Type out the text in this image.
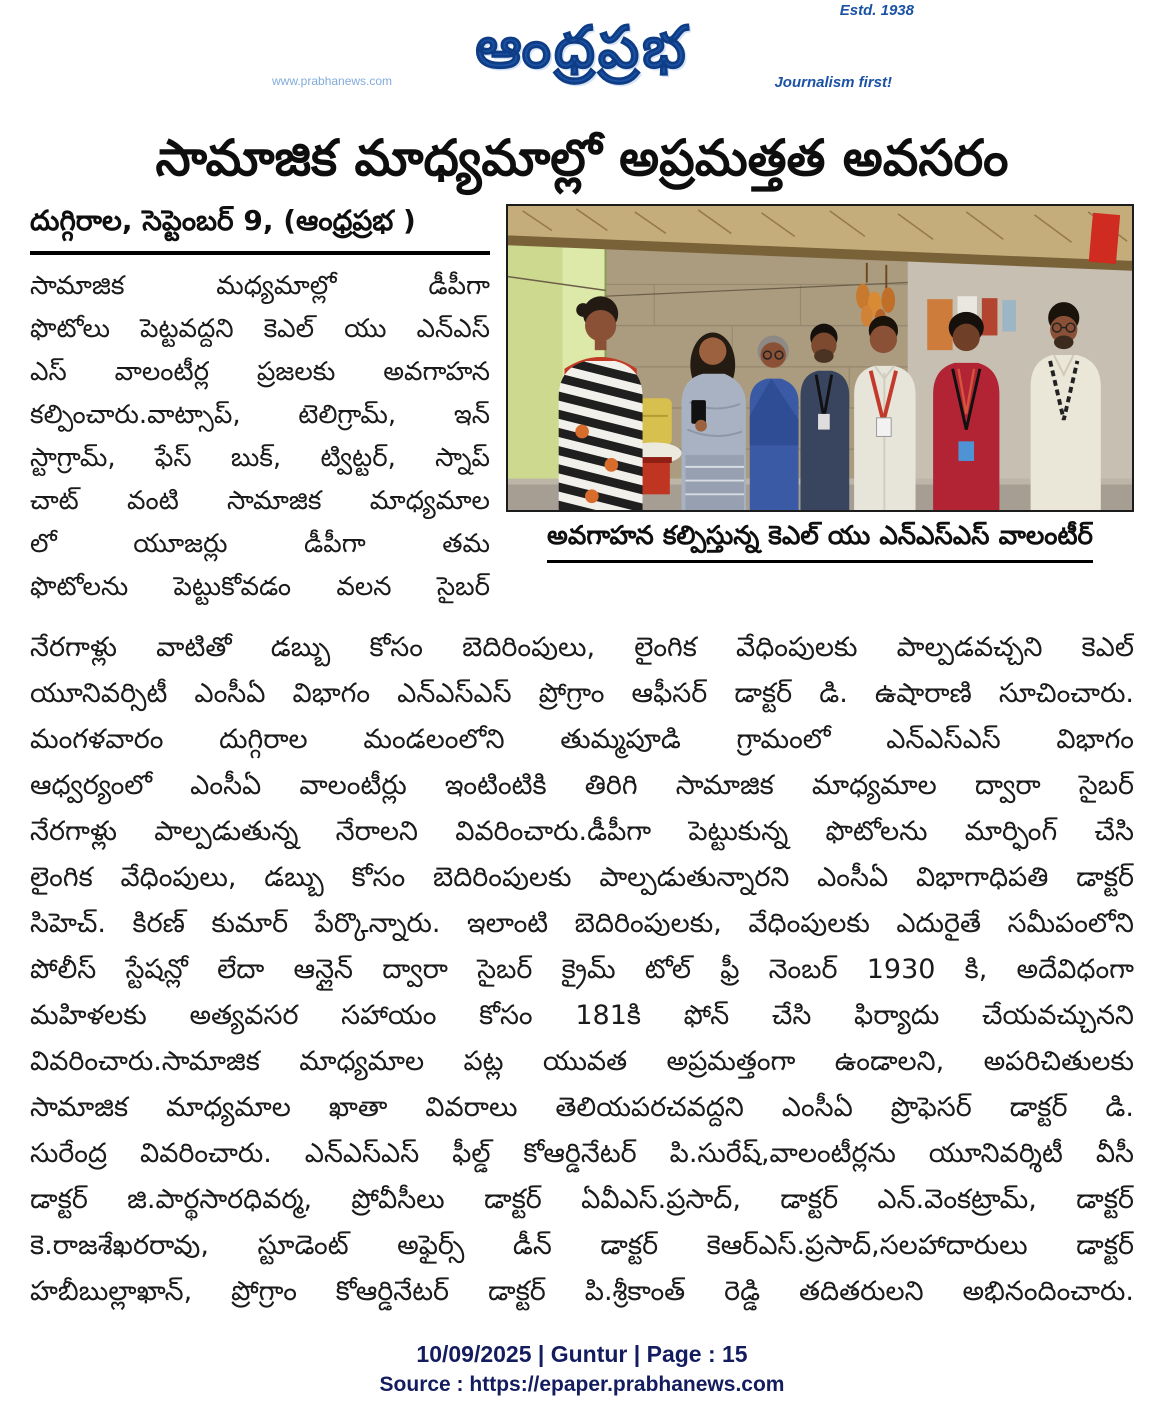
Estd. 1938
ఆంధ్రప్రభ
www.prabhanews.com	Journalism first!
సామాజిక మాధ్యమాల్లో అప్రమత్తత అవసరం
దుగ్గిరాల, సెప్టెంబర్ 9, (ఆంధ్రప్రభ )
సామాజిక మధ్యమాల్లో డీపీగా
ఫొటోలు పెట్టవద్దని కెఎల్ యు ఎన్ఎస్
ఎస్ వాలంటీర్ల ప్రజలకు అవగాహన
కల్పించారు.వాట్సాప్, టెలిగ్రామ్, ఇన్
స్టాగ్రామ్, ఫేస్ బుక్, ట్విట్టర్, స్నాప్
చాట్ వంటి సామాజిక మాధ్యమాల
లో యూజర్లు డీపీగా తమ
ఫొటోలను పెట్టుకోవడం వలన సైబర్
అవగాహన కల్పిస్తున్న కెఎల్ యు ఎన్ఎస్ఎస్ వాలంటీర్
నేరగాళ్లు వాటితో డబ్బు కోసం బెదిరింపులు, లైంగిక వేధింపులకు పాల్పడవచ్చని కెఎల్
యూనివర్సిటీ ఎంసీఏ విభాగం ఎన్ఎస్ఎస్ ప్రోగ్రాం ఆఫీసర్ డాక్టర్ డి. ఉషారాణి సూచించారు.
మంగళవారం దుగ్గిరాల మండలంలోని తుమ్మపూడి గ్రామంలో ఎన్ఎస్ఎస్ విభాగం
ఆధ్వర్యంలో ఎంసీఏ వాలంటీర్లు ఇంటింటికి తిరిగి సామాజిక మాధ్యమాల ద్వారా సైబర్
నేరగాళ్లు పాల్పడుతున్న నేరాలని వివరించారు.డీపీగా పెట్టుకున్న ఫొటోలను మార్ఫింగ్ చేసి
లైంగిక వేధింపులు, డబ్బు కోసం బెదిరింపులకు పాల్పడుతున్నారని ఎంసీఏ విభాగాధిపతి డాక్టర్
సిహెచ్. కిరణ్ కుమార్ పేర్కొన్నారు. ఇలాంటి బెదిరింపులకు, వేధింపులకు ఎదురైతే సమీపంలోని
పోలీస్ స్టేషన్లో లేదా ఆన్లైన్ ద్వారా సైబర్ క్రైమ్ టోల్ ఫ్రీ నెంబర్ 1930 కి, అదేవిధంగా
మహిళలకు అత్యవసర సహాయం కోసం 181కి ఫోన్ చేసి ఫిర్యాదు చేయవచ్చునని
వివరించారు.సామాజిక మాధ్యమాల పట్ల యువత అప్రమత్తంగా ఉండాలని, అపరిచితులకు
సామాజిక మాధ్యమాల ఖాతా వివరాలు తెలియపరచవద్దని ఎంసీఏ ప్రొఫెసర్ డాక్టర్ డి.
సురేంద్ర వివరించారు. ఎన్ఎస్ఎస్ ఫీల్డ్ కోఆర్డినేటర్ పి.సురేష్,వాలంటీర్లను యూనివర్శిటీ వీసీ
డాక్టర్ జి.పార్థసారధివర్మ, ప్రోవీసీలు డాక్టర్ ఏవీఎస్.ప్రసాద్, డాక్టర్ ఎన్.వెంకట్రామ్, డాక్టర్
కె.రాజశేఖరరావు, స్టూడెంట్ అఫైర్స్ డీన్ డాక్టర్ కెఆర్ఎస్.ప్రసాద్,సలహాదారులు డాక్టర్
హబీబుల్లాఖాన్, ప్రోగ్రాం కోఆర్డినేటర్ డాక్టర్ పి.శ్రీకాంత్ రెడ్డి తదితరులని అభినందించారు.
10/09/2025 | Guntur | Page : 15
Source : https://epaper.prabhanews.com
